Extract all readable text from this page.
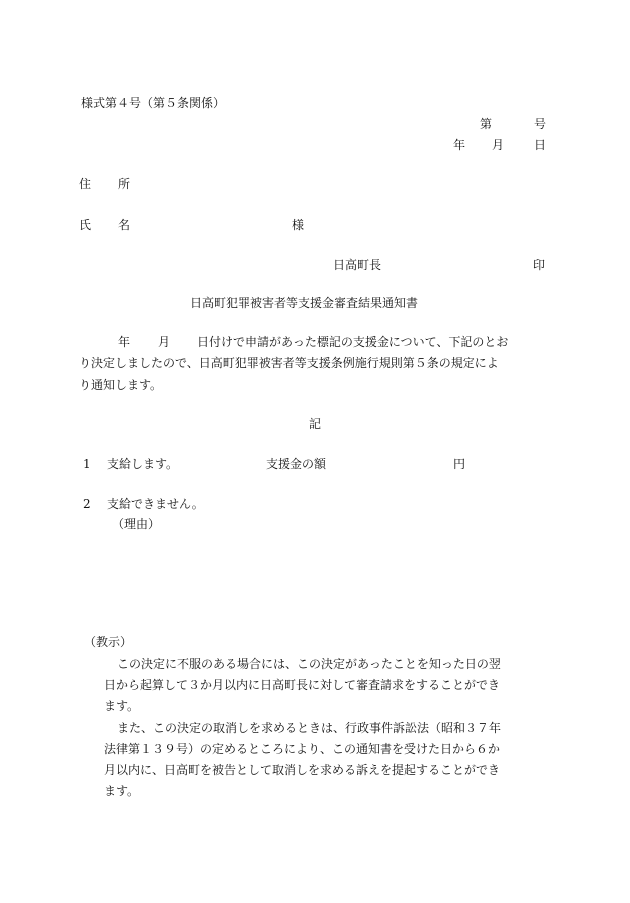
様式第４号（第５条関係）
第	号
年 月 日
住 所
氏 名	様
日高町長	印
日高町犯罪被害者等支援金審査結果通知書
年 月 日付けで申請があった標記の支援金について、下記のとお
り決定しましたので、日高町犯罪被害者等支援条例施行規則第５条の規定によ
り通知します。
記
1 支給します。	支援金の額	円
2 支給できません。
（理由）
（教示）
この決定に不服のある場合には、この決定があったことを知った日の翌
日から起算して３か月以内に日高町長に対して審査請求をすることができ
ます。
また、この決定の取消しを求めるときは、行政事件訴訟法（昭和３７年
法律第１３９号）の定めるところにより、この通知書を受けた日から６か
月以内に、日高町を被告として取消しを求める訴えを提起することができ
ます。
